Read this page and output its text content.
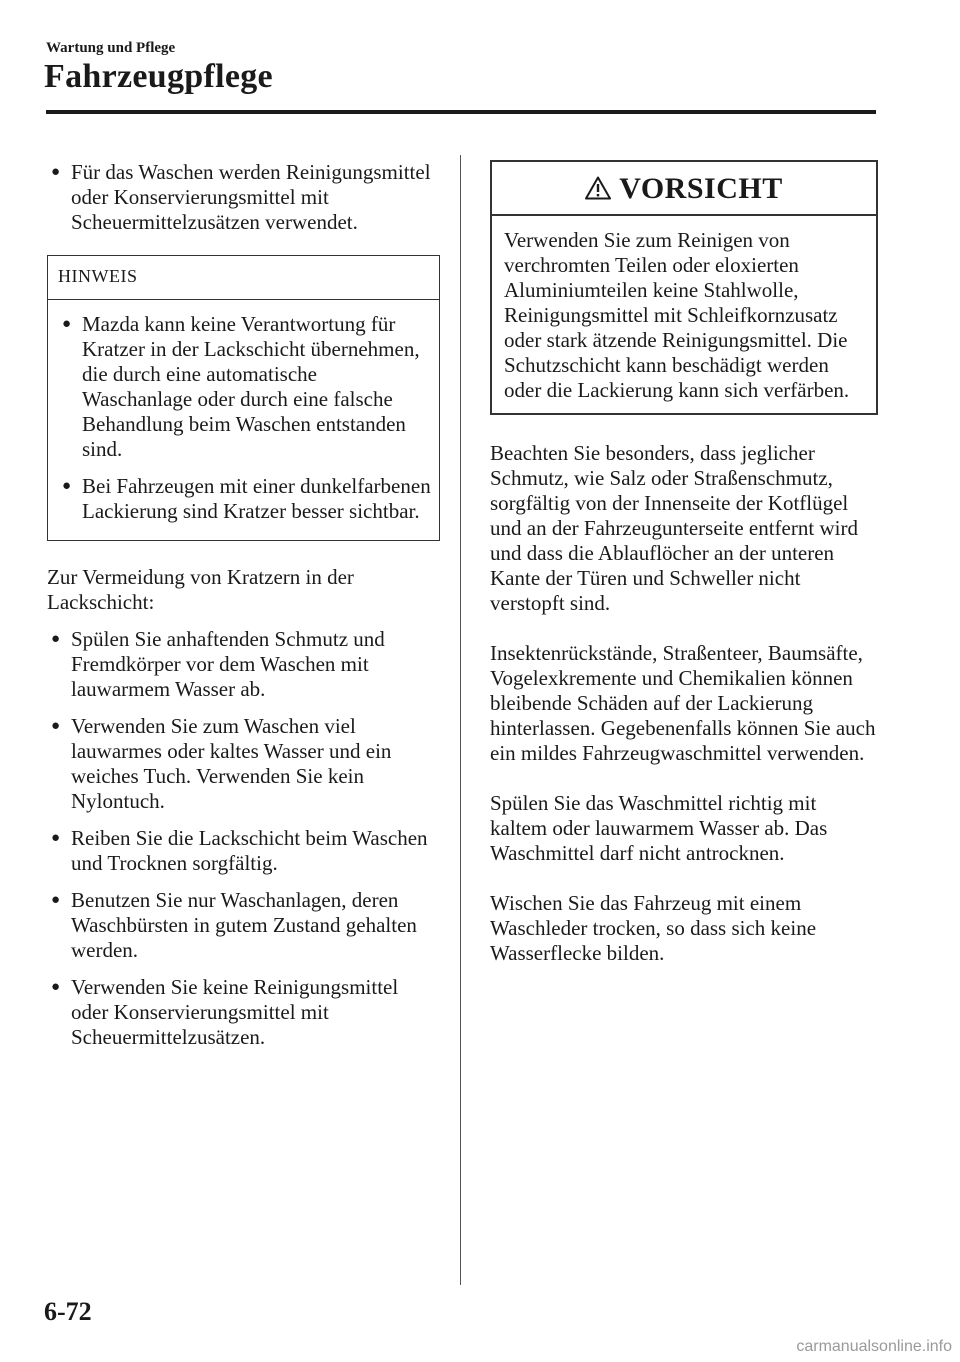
Wartung und Pflege
Fahrzeugpflege
● Für das Waschen werden Reinigungsmittel oder Konservierungsmittel mit Scheuermittelzusätzen verwendet.
HINWEIS
● Mazda kann keine Verantwortung für Kratzer in der Lackschicht übernehmen, die durch eine automatische Waschanlage oder durch eine falsche Behandlung beim Waschen entstanden sind.
● Bei Fahrzeugen mit einer dunkelfarbenen Lackierung sind Kratzer besser sichtbar.

Zur Vermeidung von Kratzern in der Lackschicht:

● Spülen Sie anhaftenden Schmutz und Fremdkörper vor dem Waschen mit lauwarmem Wasser ab.
● Verwenden Sie zum Waschen viel lauwarmes oder kaltes Wasser und ein weiches Tuch. Verwenden Sie kein Nylontuch.
● Reiben Sie die Lackschicht beim Waschen und Trocknen sorgfältig.
● Benutzen Sie nur Waschanlagen, deren Waschbürsten in gutem Zustand gehalten werden.
● Verwenden Sie keine Reinigungsmittel oder Konservierungsmittel mit Scheuermittelzusätzen.
VORSICHT
Verwenden Sie zum Reinigen von verchromten Teilen oder eloxierten Aluminiumteilen keine Stahlwolle, Reinigungsmittel mit Schleifkornzusatz oder stark ätzende Reinigungsmittel. Die Schutzschicht kann beschädigt werden oder die Lackierung kann sich verfärben.

Beachten Sie besonders, dass jeglicher Schmutz, wie Salz oder Straßenschmutz, sorgfältig von der Innenseite der Kotflügel und an der Fahrzeugunterseite entfernt wird und dass die Ablauflöcher an der unteren Kante der Türen und Schweller nicht verstopft sind.

Insektenrückstände, Straßenteer, Baumsäfte, Vogelexkremente und Chemikalien können bleibende Schäden auf der Lackierung hinterlassen. Gegebenenfalls können Sie auch ein mildes Fahrzeugwaschmittel verwenden.

Spülen Sie das Waschmittel richtig mit kaltem oder lauwarmem Wasser ab. Das Waschmittel darf nicht antrocknen.

Wischen Sie das Fahrzeug mit einem Waschleder trocken, so dass sich keine Wasserflecke bilden.

6-72
carmanualsonline.info
